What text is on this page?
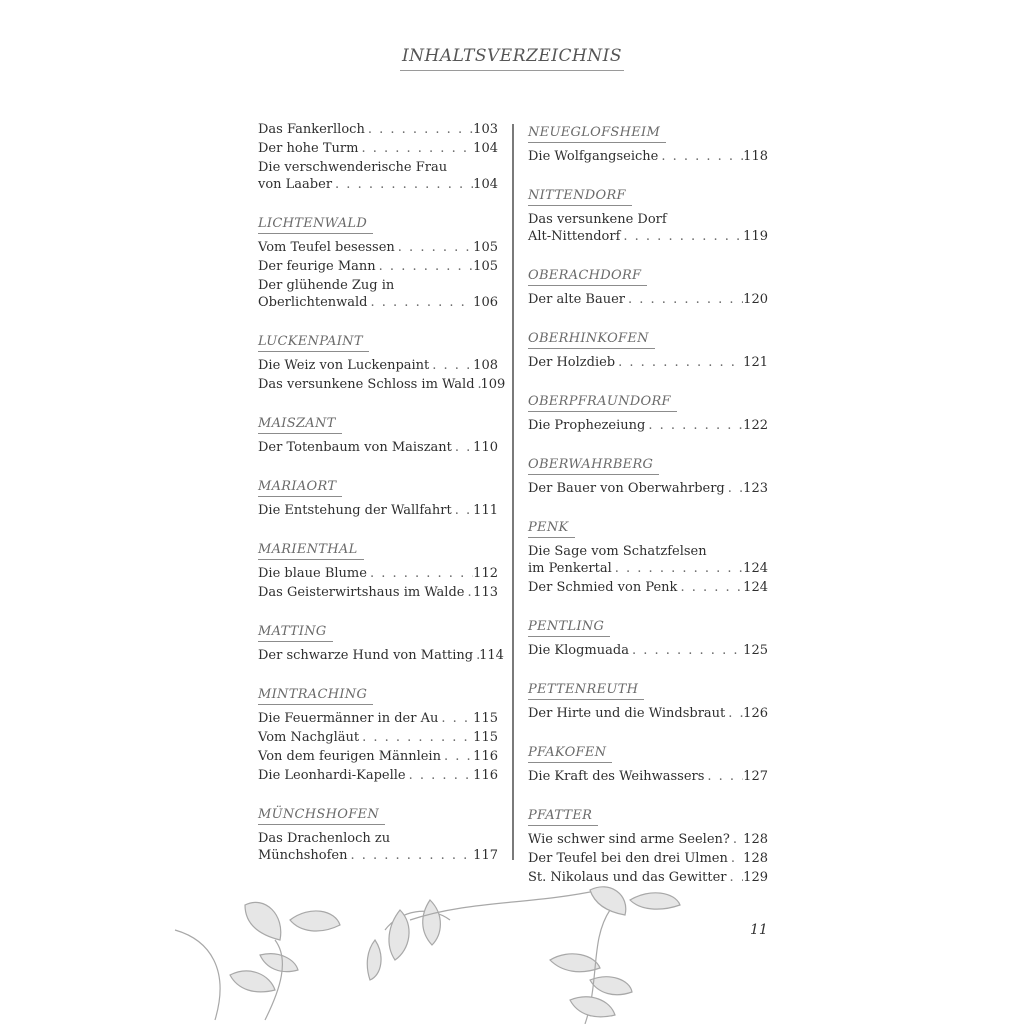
INHALTSVERZEICHNIS
Das Fankerlloch . . .	103
Der hohe Turm . . .	104
Die verschwenderische Frau
von Laaber . . .	104
LICHTENWALD
Vom Teufel besessen . . .	105
Der feurige Mann . . .	105
Der glühende Zug in
Oberlichtenwald . . .	106
LUCKENPAINT
Die Weiz von Luckenpaint . . .	108
Das versunkene Schloss im Wald . . . 109
MAISZANT
Der Totenbaum von Maiszant . . . 110
MARIAORT
Die Entstehung der Wallfahrt . . . 111
MARIENTHAL
Die blaue Blume . . .	112
Das Geisterwirtshaus im Walde . . . 113
MATTING
Der schwarze Hund von Matting . . . 114
MINTRACHING
Die Feuermänner in der Au . . .	115
Vom Nachgläut . . .	115
Von dem feurigen Männlein . . . 116
Die Leonhardi-Kapelle . . .	116
MÜNCHSHOFEN
Das Drachenloch zu
Münchshofen . . .	117
NEUEGLOFSHEIM
Die Wolfgangseiche . . .	118
NITTENDORF
Das versunkene Dorf
Alt-Nittendorf . . .	119
OBERACHDORF
Der alte Bauer . . .	120
OBERHINKOFEN
Der Holzdieb . . .	121
OBERPFRAUNDORF
Die Prophezeiung . . .	122
OBERWAHRBERG
Der Bauer von Oberwahrberg . . . 123
PENK
Die Sage vom Schatzfelsen
im Penkertal . . .	124
Der Schmied von Penk . . .	124
PENTLING
Die Klogmuada . . .	125
PETTENREUTH
Der Hirte und die Windsbraut . . . 126
PFAKOFEN
Die Kraft des Weihwassers . . .	127
PFATTER
Wie schwer sind arme Seelen? . . . 128
Der Teufel bei den drei Ulmen . . . 128
St. Nikolaus und das Gewitter . . . 129
11
